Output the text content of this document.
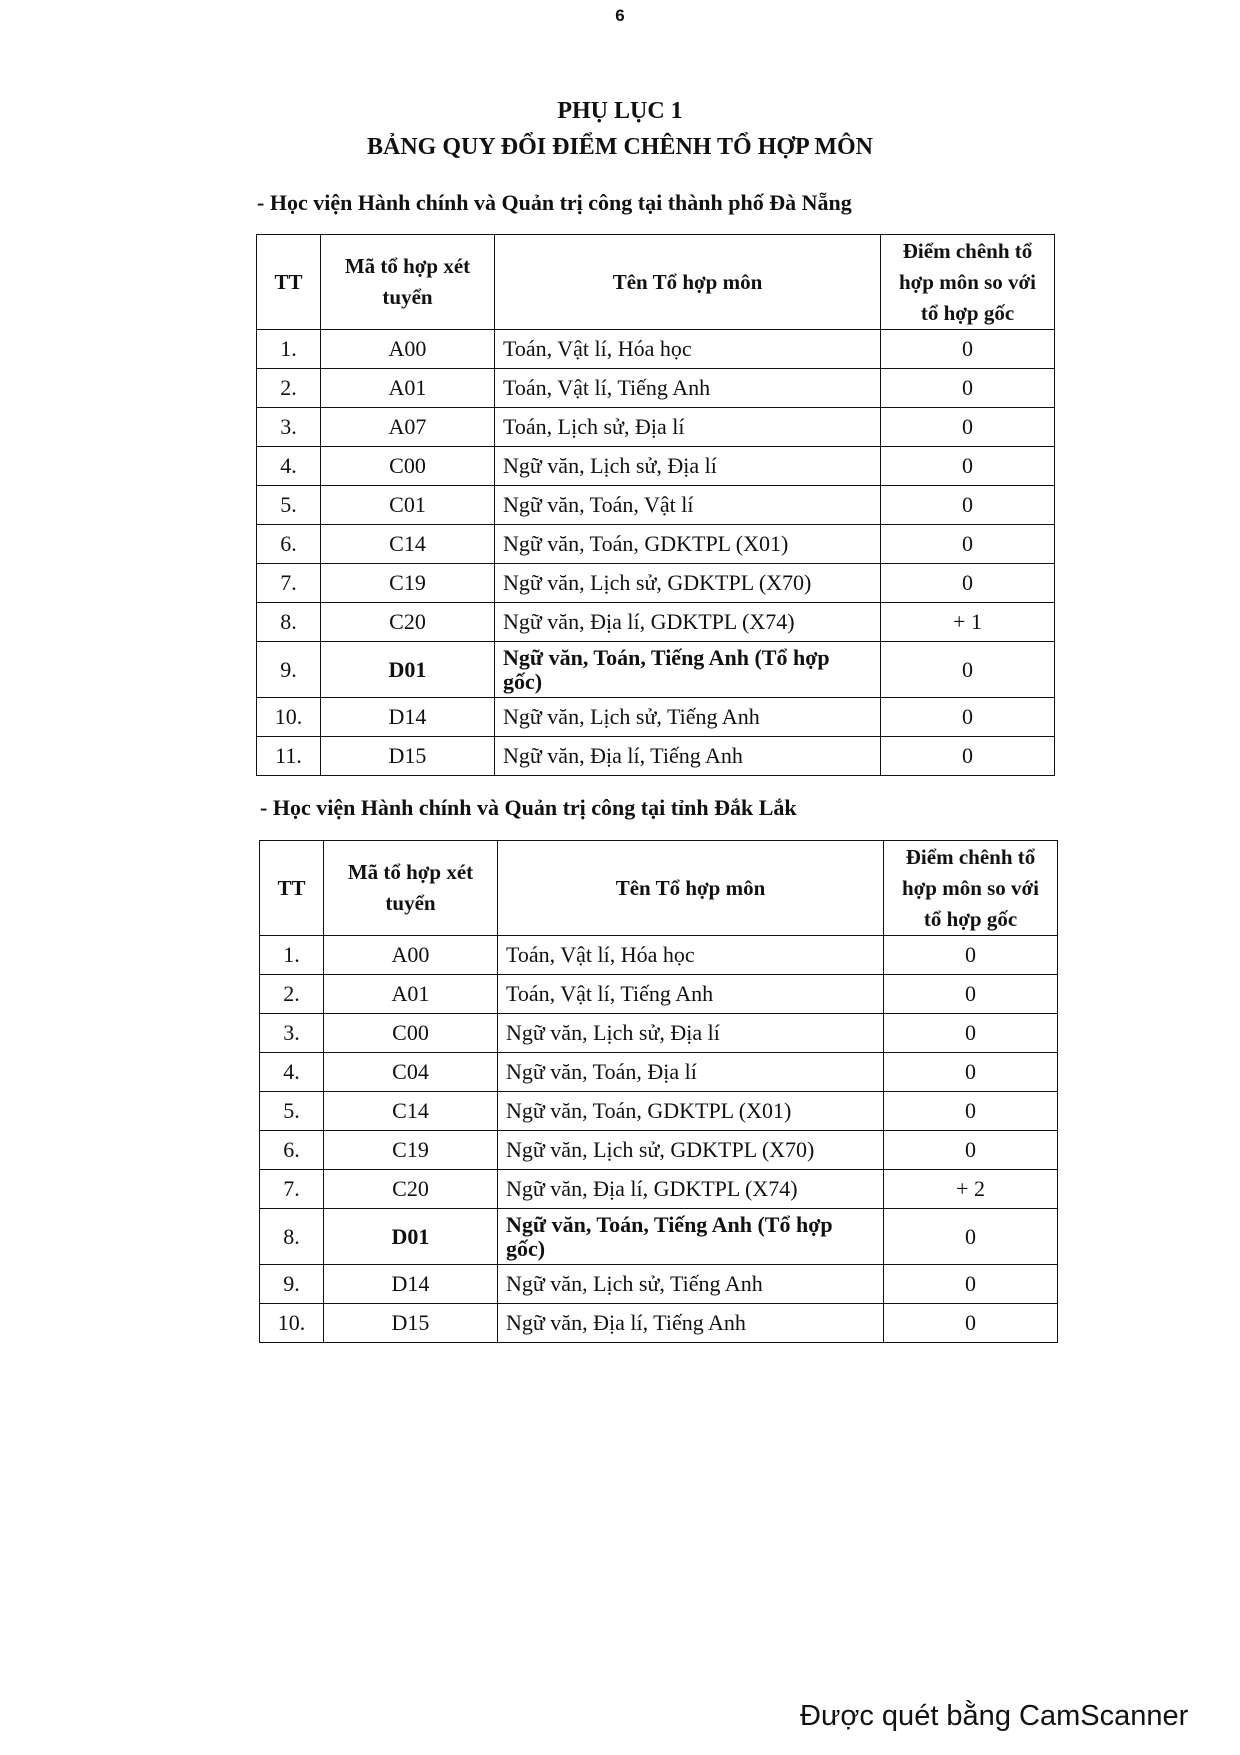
6
PHỤ LỤC 1
BẢNG QUY ĐỔI ĐIỂM CHÊNH TỔ HỢP MÔN
- Học viện Hành chính và Quản trị công tại thành phố Đà Nẵng
TT	Mã tổ hợp xét tuyển	Tên Tổ hợp môn	Điểm chênh tổ hợp môn so với tổ hợp gốc
1.	A00	Toán, Vật lí, Hóa học	0
2.	A01	Toán, Vật lí, Tiếng Anh	0
3.	A07	Toán, Lịch sử, Địa lí	0
4.	C00	Ngữ văn, Lịch sử, Địa lí	0
5.	C01	Ngữ văn, Toán, Vật lí	0
6.	C14	Ngữ văn, Toán, GDKTPL (X01)	0
7.	C19	Ngữ văn, Lịch sử, GDKTPL (X70)	0
8.	C20	Ngữ văn, Địa lí, GDKTPL (X74)	+ 1
9.	D01	Ngữ văn, Toán, Tiếng Anh (Tổ hợp gốc)	0
10.	D14	Ngữ văn, Lịch sử, Tiếng Anh	0
11.	D15	Ngữ văn, Địa lí, Tiếng Anh	0
- Học viện Hành chính và Quản trị công tại tỉnh Đắk Lắk
TT	Mã tổ hợp xét tuyển	Tên Tổ hợp môn	Điểm chênh tổ hợp môn so với tổ hợp gốc
1.	A00	Toán, Vật lí, Hóa học	0
2.	A01	Toán, Vật lí, Tiếng Anh	0
3.	C00	Ngữ văn, Lịch sử, Địa lí	0
4.	C04	Ngữ văn, Toán, Địa lí	0
5.	C14	Ngữ văn, Toán, GDKTPL (X01)	0
6.	C19	Ngữ văn, Lịch sử, GDKTPL (X70)	0
7.	C20	Ngữ văn, Địa lí, GDKTPL (X74)	+ 2
8.	D01	Ngữ văn, Toán, Tiếng Anh (Tổ hợp gốc)	0
9.	D14	Ngữ văn, Lịch sử, Tiếng Anh	0
10.	D15	Ngữ văn, Địa lí, Tiếng Anh	0
Được quét bằng CamScanner
